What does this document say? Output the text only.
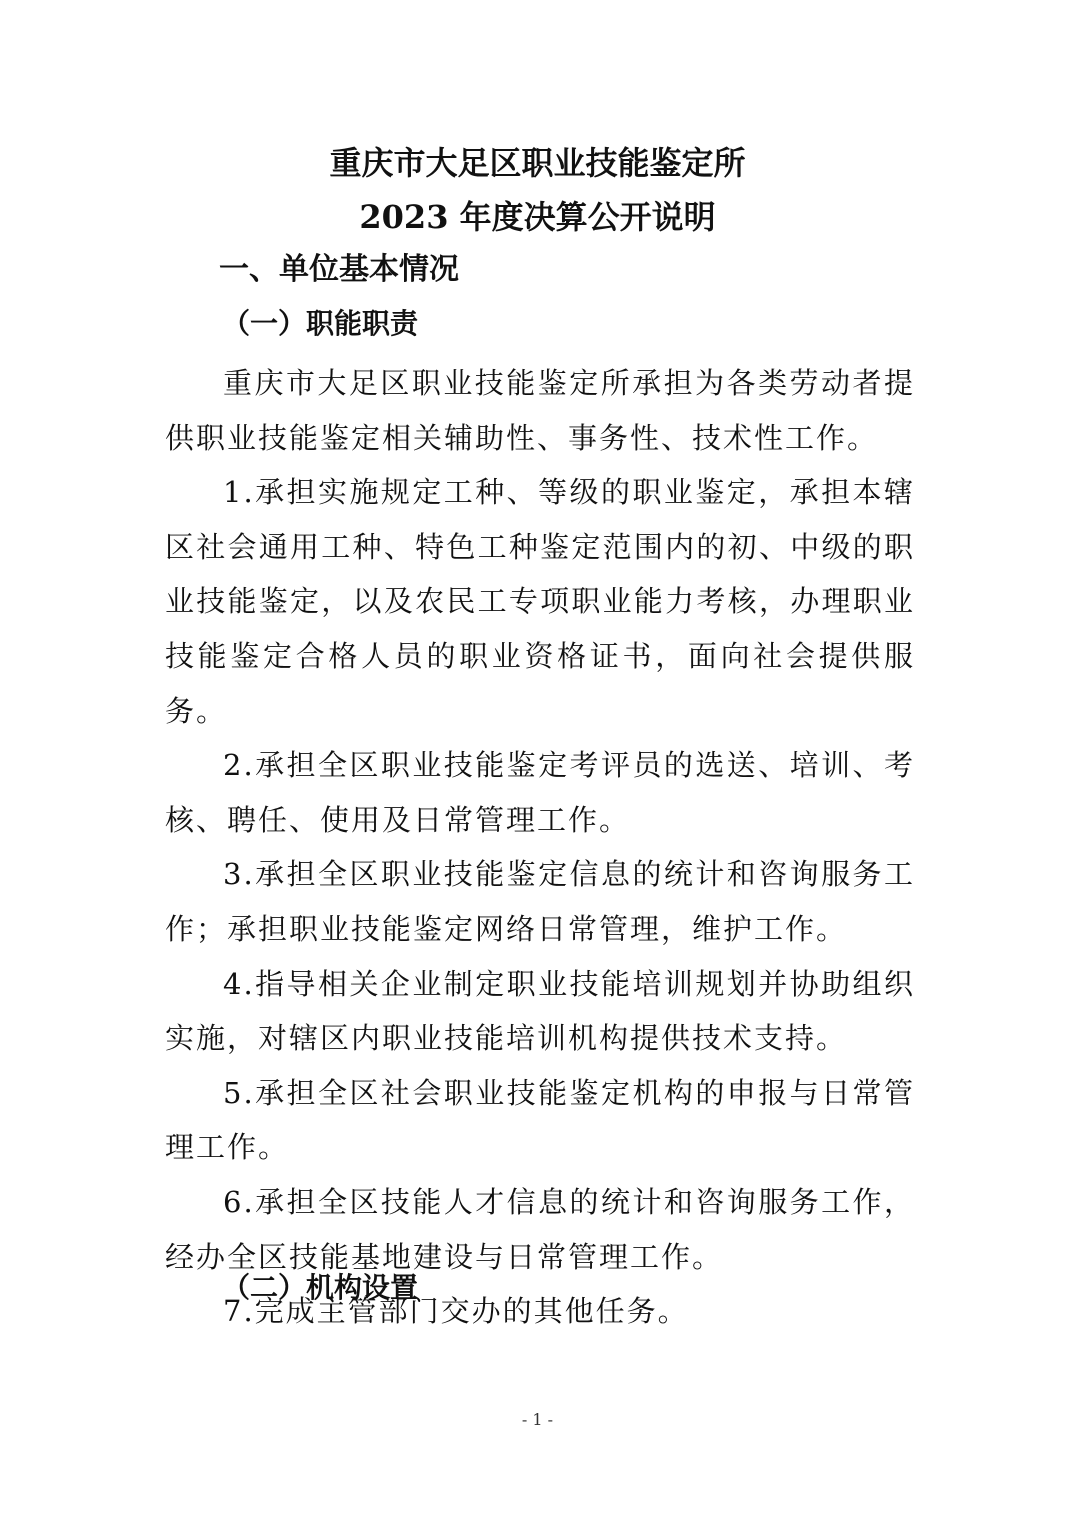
重庆市大足区职业技能鉴定所
2023 年度决算公开说明
一、单位基本情况
（一）职能职责

重庆市大足区职业技能鉴定所承担为各类劳动者提供职业技能鉴定相关辅助性、事务性、技术性工作。

1.承担实施规定工种、等级的职业鉴定，承担本辖区社会通用工种、特色工种鉴定范围内的初、中级的职业技能鉴定，以及农民工专项职业能力考核，办理职业技能鉴定合格人员的职业资格证书，面向社会提供服务。

2.承担全区职业技能鉴定考评员的选送、培训、考核、聘任、使用及日常管理工作。

3.承担全区职业技能鉴定信息的统计和咨询服务工作；承担职业技能鉴定网络日常管理，维护工作。

4.指导相关企业制定职业技能培训规划并协助组织实施，对辖区内职业技能培训机构提供技术支持。

5.承担全区社会职业技能鉴定机构的申报与日常管理工作。

6.承担全区技能人才信息的统计和咨询服务工作，经办全区技能基地建设与日常管理工作。

7.完成主管部门交办的其他任务。

（二）机构设置
- 1 -
